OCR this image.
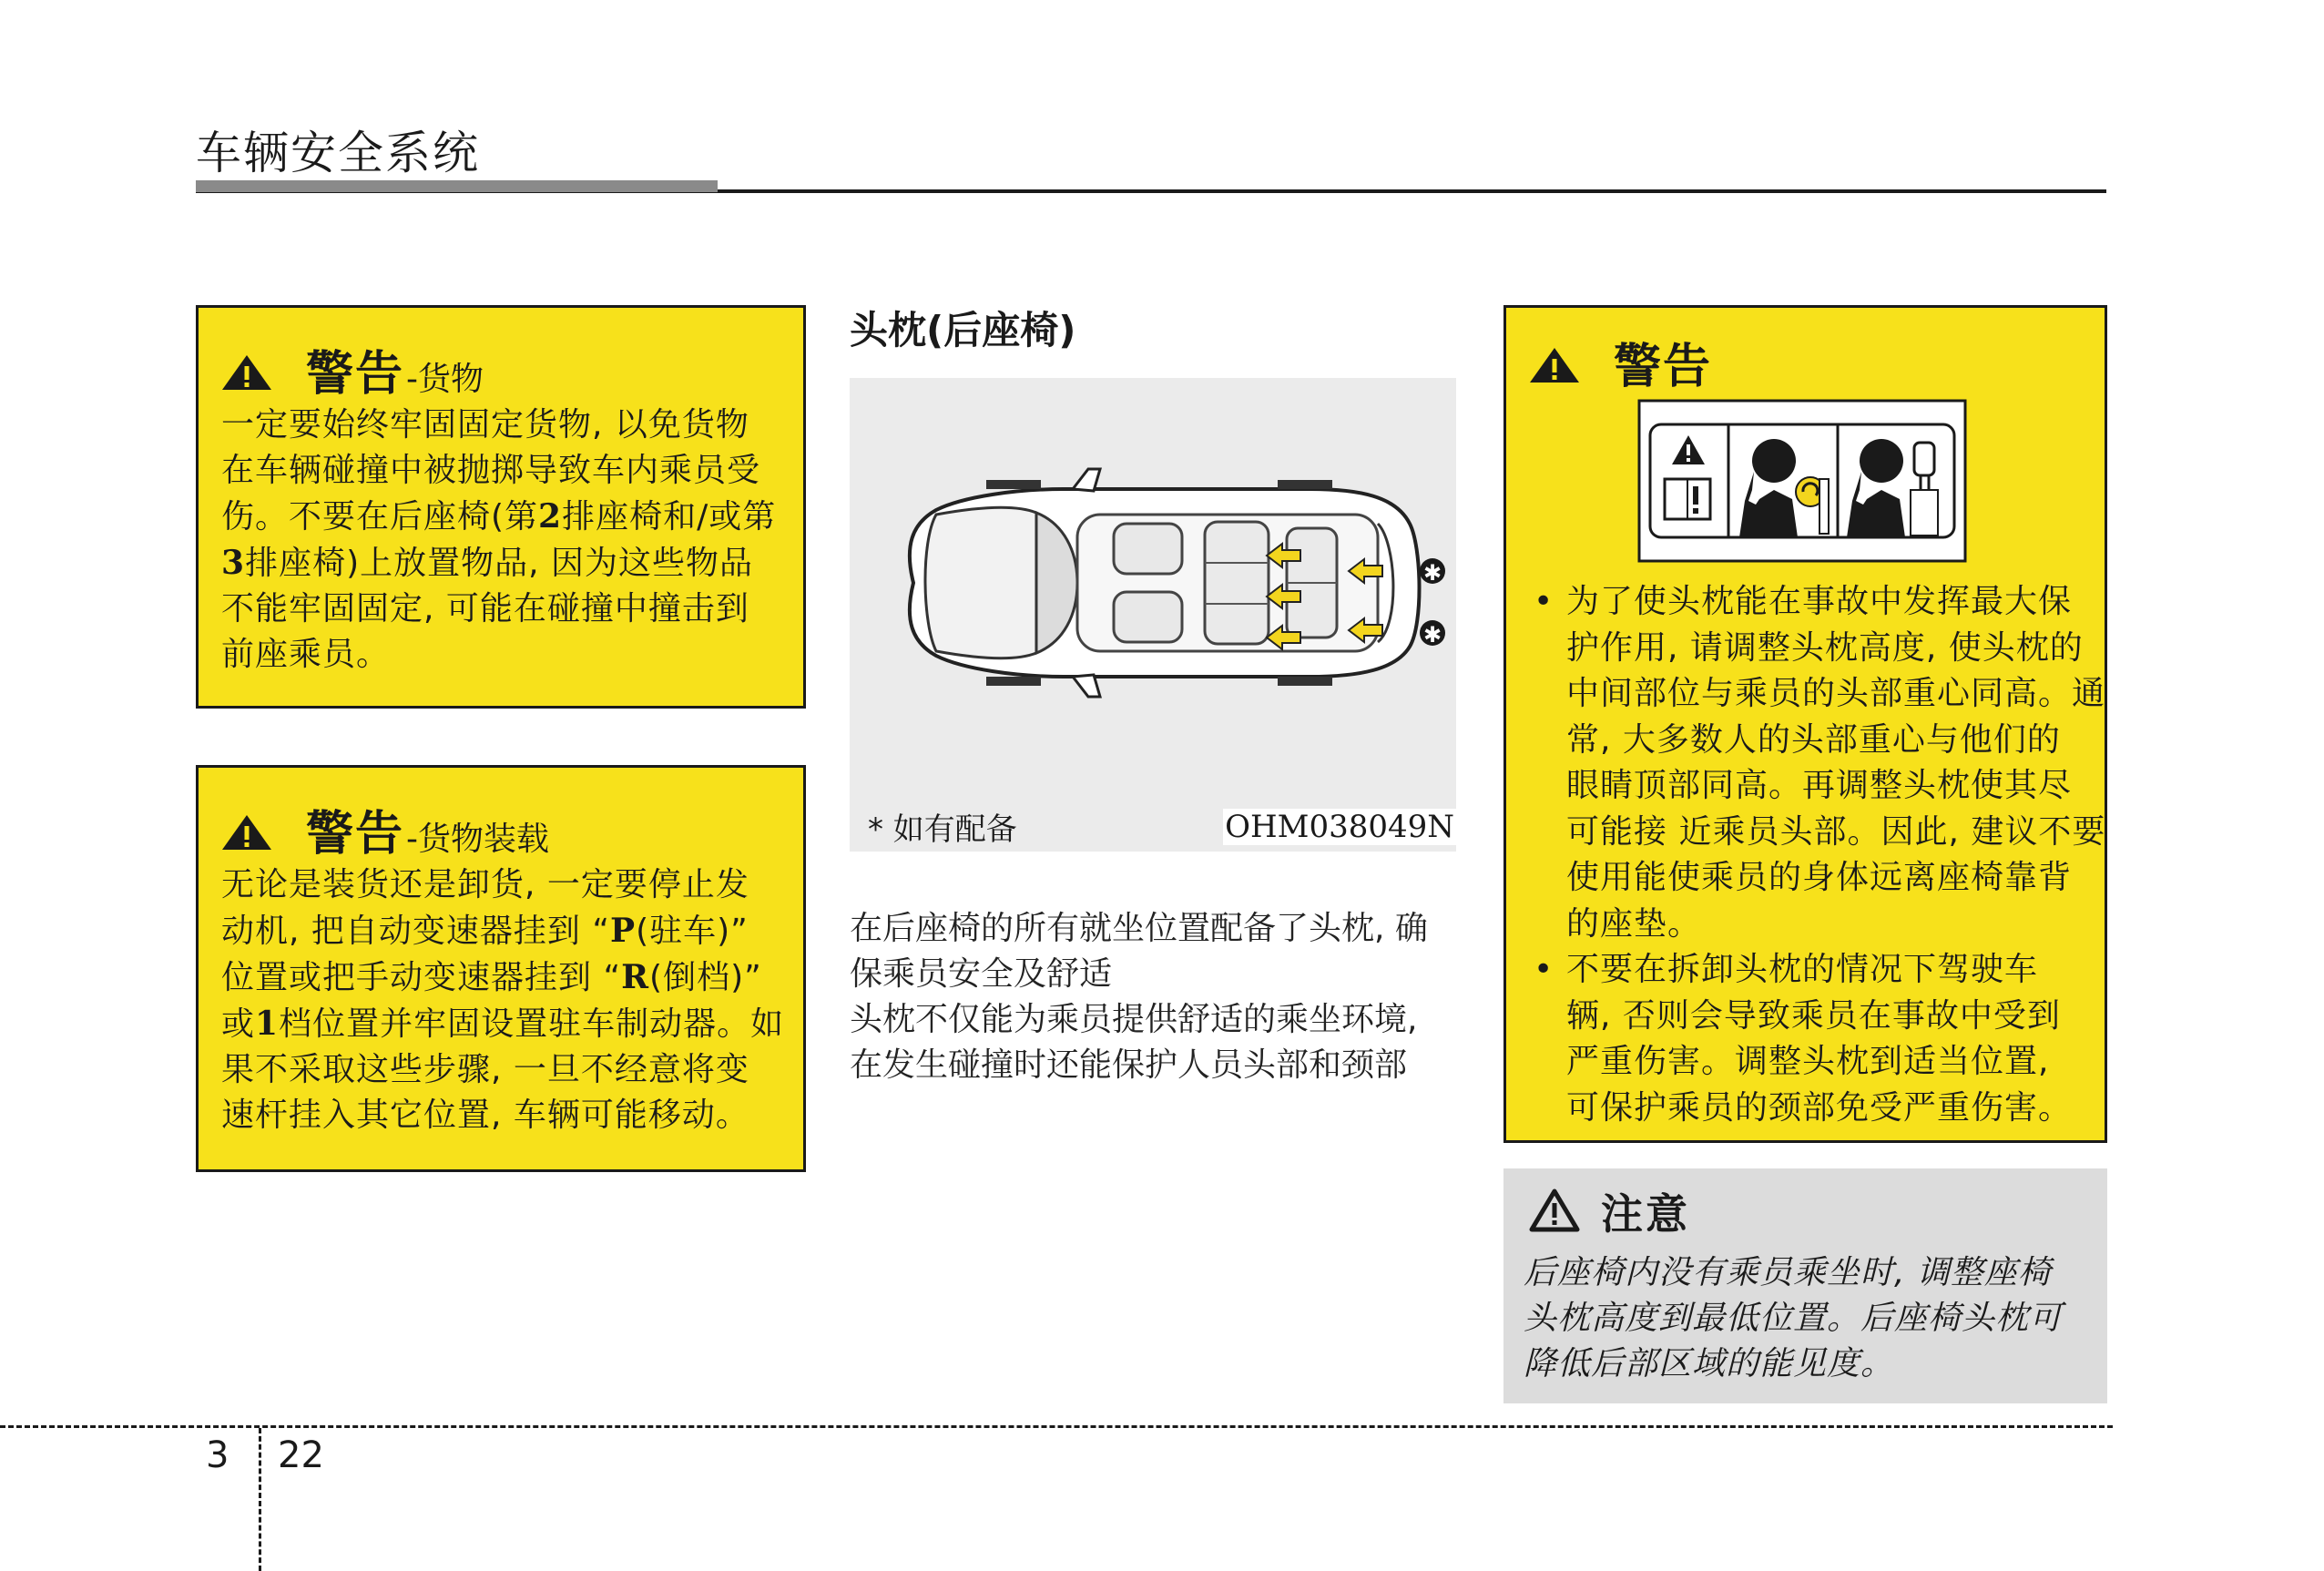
车辆安全系统
警告 -货物

一定要始终牢固固定货物, 以免货物

在车辆碰撞中被抛掷导致车内乘员受

伤。不要在后座椅(第2排座椅和/或第

3排座椅)上放置物品, 因为这些物品

不能牢固固定, 可能在碰撞中撞击到

前座乘员。

警告 -货物装载

无论是装货还是卸货, 一定要停止发

动机, 把自动变速器挂到 “P(驻车)”

位置或把手动变速器挂到 “R(倒档)”

或1档位置并牢固设置驻车制动器。如

果不采取这些步骤, 一旦不经意将变

速杆挂入其它位置, 车辆可能移动。

头枕(后座椅)
✱
✱
* 如有配备	OHM038049N

在后座椅的所有就坐位置配备了头枕, 确

保乘员安全及舒适

头枕不仅能为乘员提供舒适的乘坐环境,

在发生碰撞时还能保护人员头部和颈部

警告

• 为了使头枕能在事故中发挥最大保

护作用, 请调整头枕高度, 使头枕的

中间部位与乘员的头部重心同高。通

常, 大多数人的头部重心与他们的

眼睛顶部同高。再调整头枕使其尽

可能接 近乘员头部。因此, 建议不要

使用能使乘员的身体远离座椅靠背

的座垫。

• 不要在拆卸头枕的情况下驾驶车

辆, 否则会导致乘员在事故中受到

严重伤害。调整头枕到适当位置,

可保护乘员的颈部免受严重伤害。

注意

后座椅内没有乘员乘坐时, 调整座椅

头枕高度到最低位置。后座椅头枕可

降低后部区域的能见度。

3 22
